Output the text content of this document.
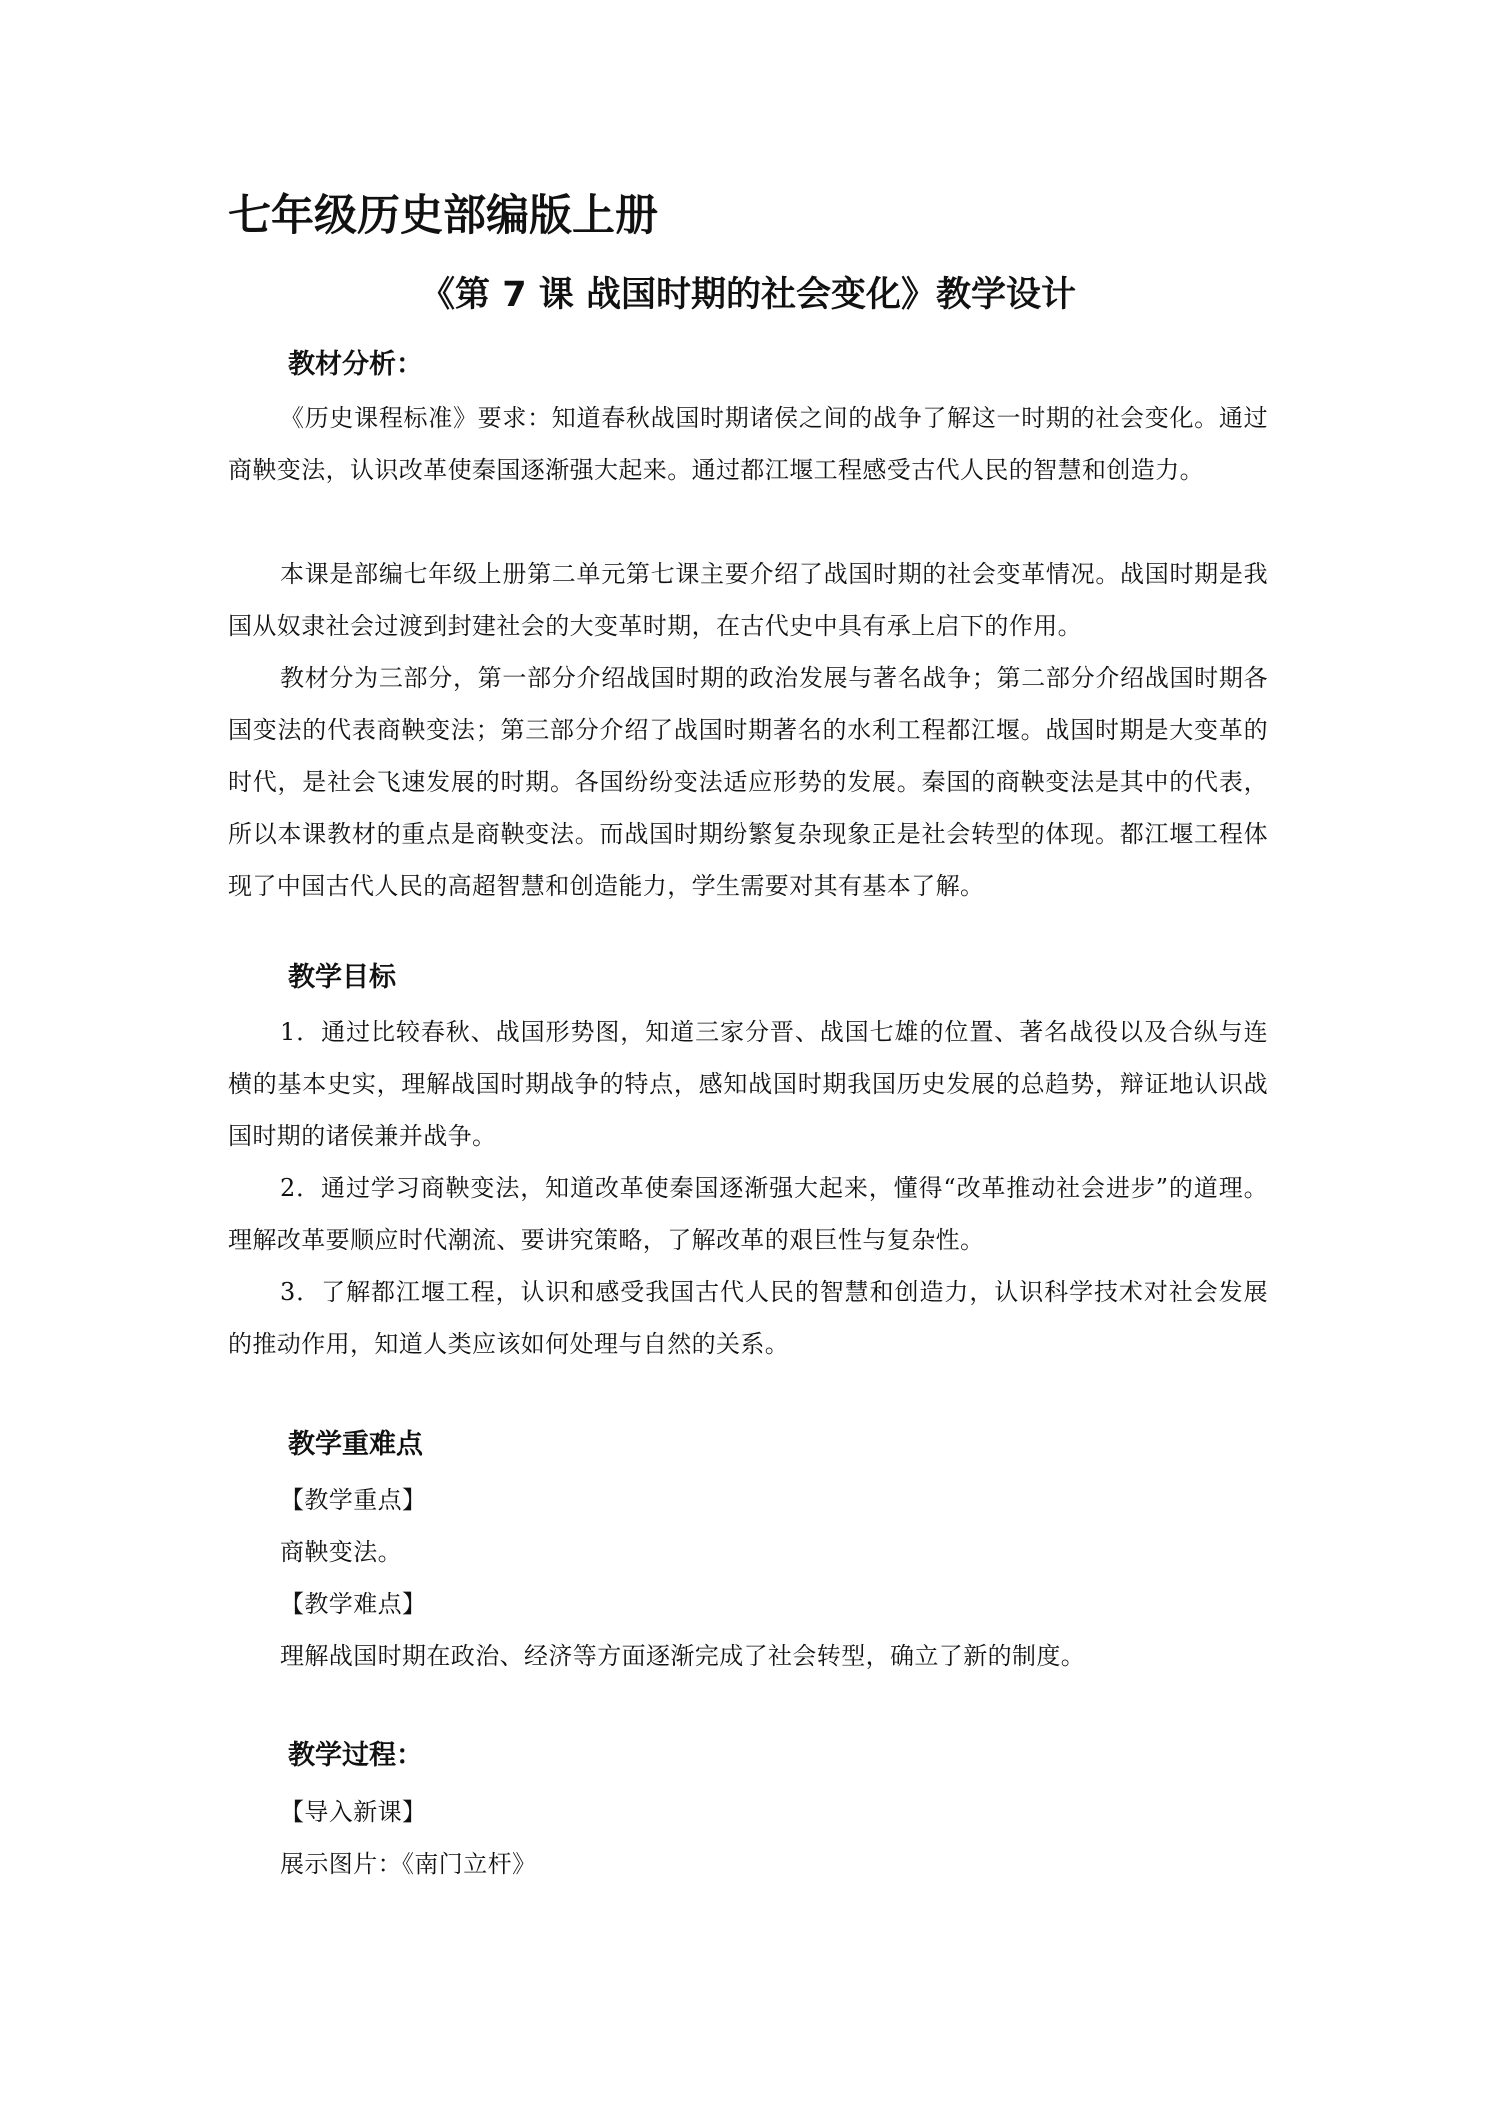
七年级历史部编版上册
《第 7 课 战国时期的社会变化》教学设计
教材分析：
《历史课程标准》要求：知道春秋战国时期诸侯之间的战争了解这一时期的社会变化。通过商鞅变法，认识改革使秦国逐渐强大起来。通过都江堰工程感受古代人民的智慧和创造力。
本课是部编七年级上册第二单元第七课主要介绍了战国时期的社会变革情况。战国时期是我国从奴隶社会过渡到封建社会的大变革时期，在古代史中具有承上启下的作用。
教材分为三部分，第一部分介绍战国时期的政治发展与著名战争；第二部分介绍战国时期各国变法的代表商鞅变法；第三部分介绍了战国时期著名的水利工程都江堰。战国时期是大变革的时代，是社会飞速发展的时期。各国纷纷变法适应形势的发展。秦国的商鞅变法是其中的代表，所以本课教材的重点是商鞅变法。而战国时期纷繁复杂现象正是社会转型的体现。都江堰工程体现了中国古代人民的高超智慧和创造能力，学生需要对其有基本了解。
教学目标
1．通过比较春秋、战国形势图，知道三家分晋、战国七雄的位置、著名战役以及合纵与连横的基本史实，理解战国时期战争的特点，感知战国时期我国历史发展的总趋势，辩证地认识战国时期的诸侯兼并战争。
2．通过学习商鞅变法，知道改革使秦国逐渐强大起来，懂得“改革推动社会进步”的道理。理解改革要顺应时代潮流、要讲究策略，了解改革的艰巨性与复杂性。
3．了解都江堰工程，认识和感受我国古代人民的智慧和创造力，认识科学技术对社会发展的推动作用，知道人类应该如何处理与自然的关系。
教学重难点
【教学重点】
商鞅变法。
【教学难点】
理解战国时期在政治、经济等方面逐渐完成了社会转型，确立了新的制度。
教学过程：
【导入新课】
展示图片：《南门立杆》
